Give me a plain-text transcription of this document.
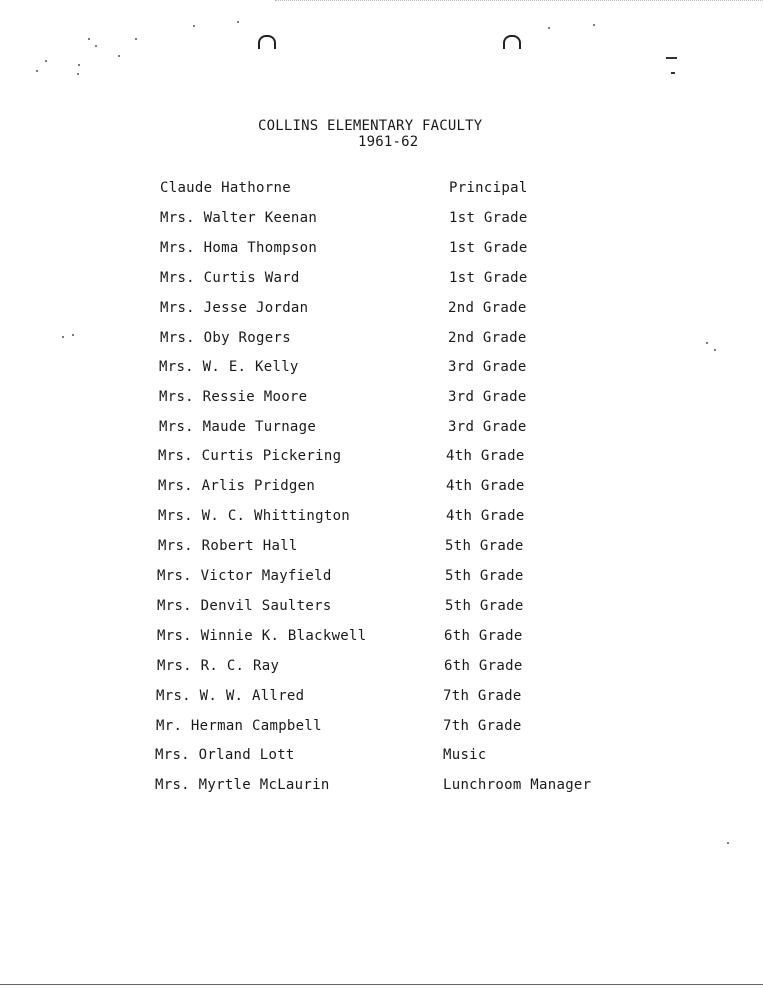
COLLINS ELEMENTARY FACULTY
1961-62
Claude Hathorne	Principal
Mrs. Walter Keenan	1st Grade
Mrs. Homa Thompson	1st Grade
Mrs. Curtis Ward	1st Grade
Mrs. Jesse Jordan	2nd Grade
Mrs. Oby Rogers	2nd Grade
Mrs. W. E. Kelly	3rd Grade
Mrs. Ressie Moore	3rd Grade
Mrs. Maude Turnage	3rd Grade
Mrs. Curtis Pickering	4th Grade
Mrs. Arlis Pridgen	4th Grade
Mrs. W. C. Whittington	4th Grade
Mrs. Robert Hall	5th Grade
Mrs. Victor Mayfield	5th Grade
Mrs. Denvil Saulters	5th Grade
Mrs. Winnie K. Blackwell	6th Grade
Mrs. R. C. Ray	6th Grade
Mrs. W. W. Allred	7th Grade
Mr. Herman Campbell	7th Grade
Mrs. Orland Lott	Music
Mrs. Myrtle McLaurin	Lunchroom Manager
